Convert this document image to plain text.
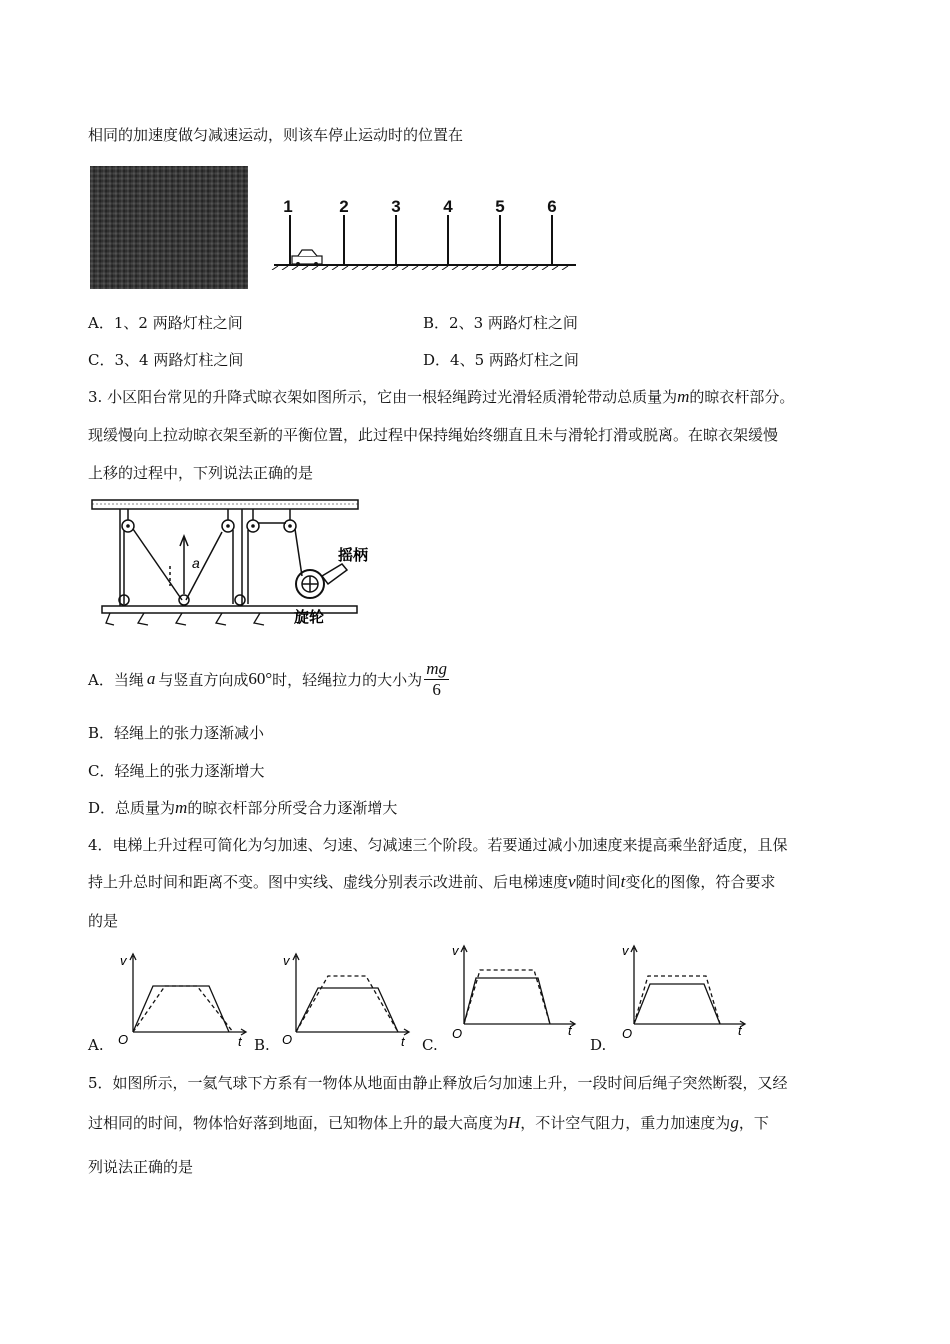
相同的加速度做匀减速运动，则该车停止运动时的位置在
1	2	3	4	5	6
A．1、2 两路灯柱之间	B．2、3 两路灯柱之间
C．3、4 两路灯柱之间	D．4、5 两路灯柱之间
3. 小区阳台常见的升降式晾衣架如图所示，它由一根轻绳跨过光滑轻质滑轮带动总质量为m的晾衣杆部分。
现缓慢向上拉动晾衣架至新的平衡位置，此过程中保持绳始终绷直且未与滑轮打滑或脱离。在晾衣架缓慢
上移的过程中，下列说法正确的是
a	摇柄
旋轮
A．当绳 a 与竖直方向成 60° 时，轻绳拉力的大小为 $\frac{mg}{6}$
B．轻绳上的张力逐渐减小
C．轻绳上的张力逐渐增大
D．总质量为m的晾衣杆部分所受合力逐渐增大
4．电梯上升过程可简化为匀加速、匀速、匀减速三个阶段。若要通过减小加速度来提高乘坐舒适度，且保
持上升总时间和距离不变。图中实线、虚线分别表示改进前、后电梯速度v随时间t变化的图像，符合要求
的是
v
t
O
A.
v
t
O
B.
v
t
O
C.
v
t
O
D.
5．如图所示，一氦气球下方系有一物体从地面由静止释放后匀加速上升，一段时间后绳子突然断裂，又经
过相同的时间，物体恰好落到地面，已知物体上升的最大高度为H，不计空气阻力，重力加速度为g，下
列说法正确的是
